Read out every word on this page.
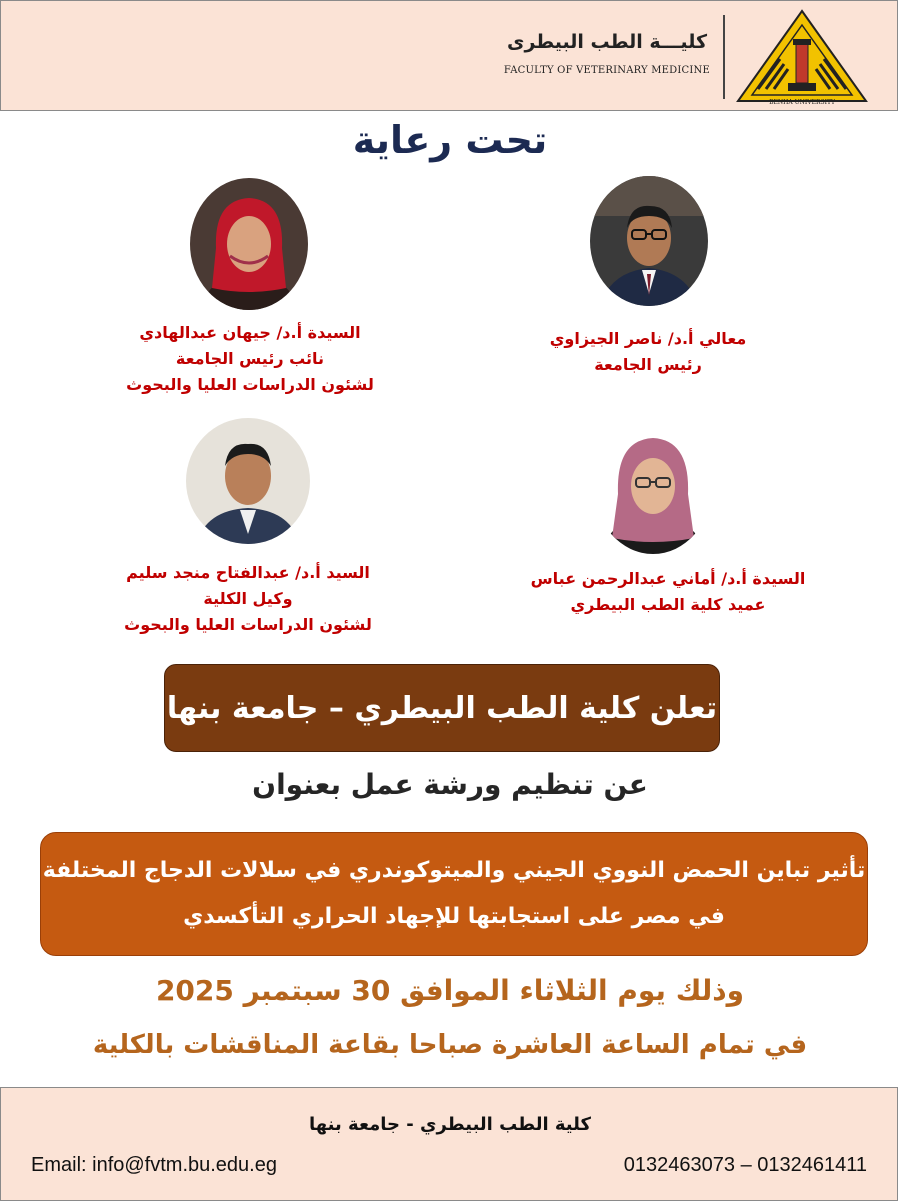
كليـــة الطب البيطرى
FACULTY OF VETERINARY MEDICINE
BENHA UNIVERSITY
تحت رعاية
معالي أ.د/ ناصر الجيزاوي
رئيس الجامعة
السيدة أ.د/ جيهان عبدالهادي
نائب رئيس الجامعة
لشئون الدراسات العليا والبحوث
السيدة أ.د/ أماني عبدالرحمن عباس
عميد كلية الطب البيطري
السيد أ.د/ عبدالفتاح منجد سليم
وكيل الكلية
لشئون الدراسات العليا والبحوث
تعلن كلية الطب البيطري – جامعة بنها
عن تنظيم ورشة عمل بعنوان
تأثير تباين الحمض النووي الجيني والميتوكوندري في سلالات الدجاج المختلفة
في مصر على استجابتها للإجهاد الحراري التأكسدي
وذلك يوم الثلاثاء الموافق 30 سبتمبر 2025
في تمام الساعة العاشرة صباحا بقاعة المناقشات بالكلية
كلية الطب البيطري - جامعة بنها
Email: info@fvtm.bu.edu.eg	0132463073 – 0132461411
